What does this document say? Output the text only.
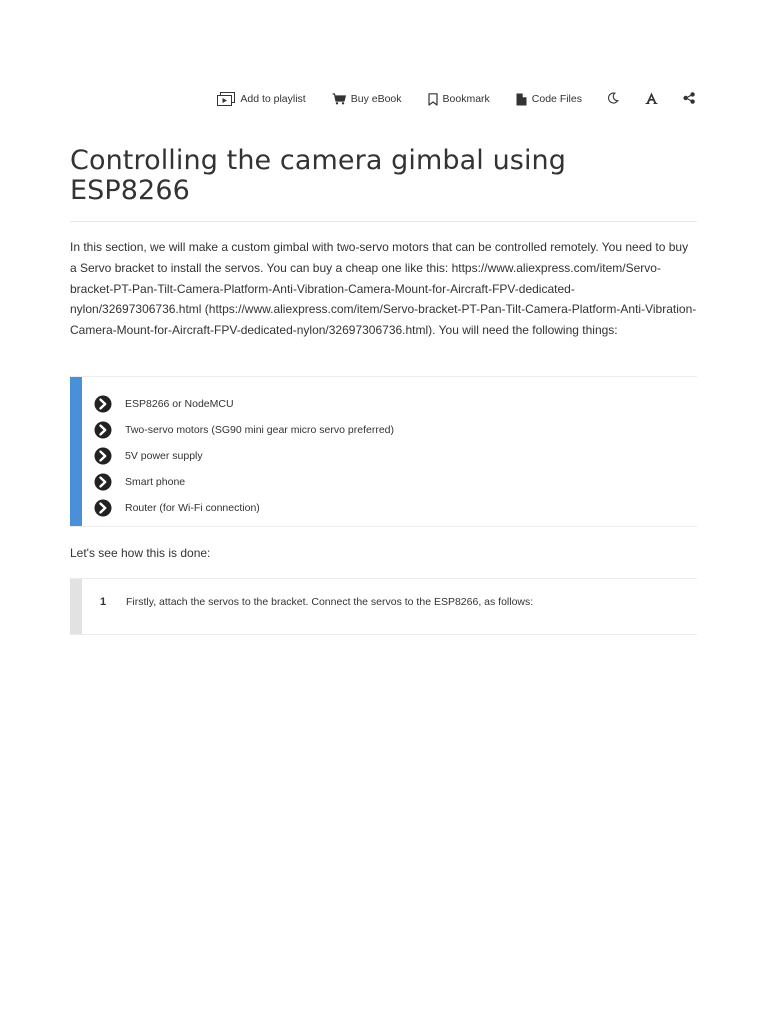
Add to playlist	Buy eBook	Bookmark	Code Files
Controlling the camera gimbal using ESP8266

In this section, we will make a custom gimbal with two-servo motors that can be controlled remotely. You need to buy a Servo bracket to install the servos. You can buy a cheap one like this: https://www.aliexpress.com/item/Servo-bracket-PT-Pan-Tilt-Camera-Platform-Anti-Vibration-Camera-Mount-for-Aircraft-FPV-dedicated-nylon/32697306736.html (https://www.aliexpress.com/item/Servo-bracket-PT-Pan-Tilt-Camera-Platform-Anti-Vibration-Camera-Mount-for-Aircraft-FPV-dedicated-nylon/32697306736.html). You will need the following things:

ESP8266 or NodeMCU
Two-servo motors (SG90 mini gear micro servo preferred)
5V power supply
Smart phone
Router (for Wi-Fi connection)

Let's see how this is done:

1	Firstly, attach the servos to the bracket. Connect the servos to the ESP8266, as follows:
